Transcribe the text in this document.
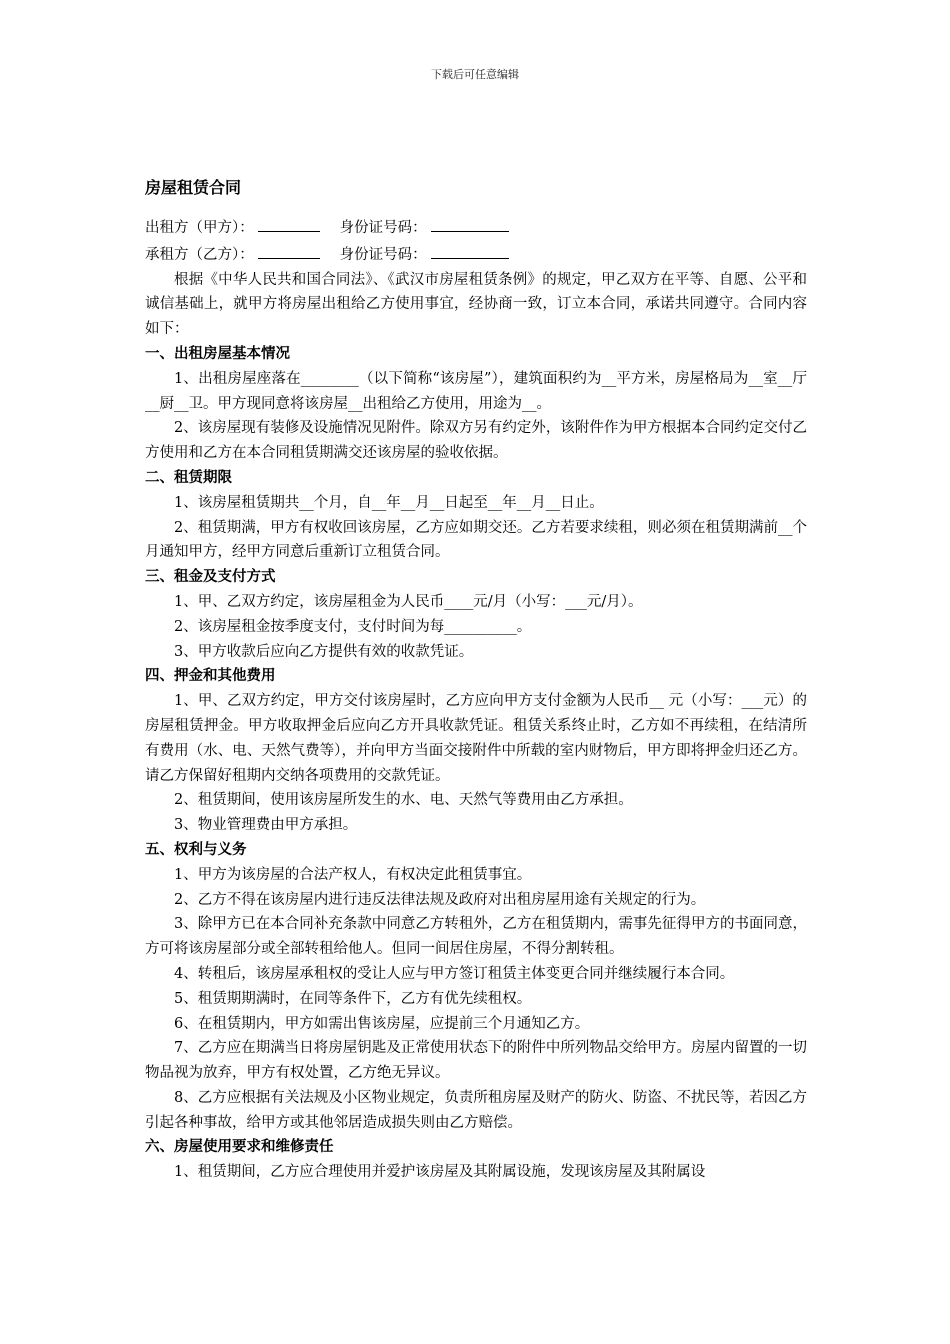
下载后可任意编辑
房屋租赁合同
出租方（甲方）：	身份证号码：
承租方（乙方）：	身份证号码：

根据《中华人民共和国合同法》、《武汉市房屋租赁条例》的规定，甲乙双方在平等、自愿、公平和诚信基础上，就甲方将房屋出租给乙方使用事宜，经协商一致，订立本合同，承诺共同遵守。合同内容如下：

一、出租房屋基本情况

1、出租房屋座落在________（以下简称“该房屋”），建筑面积约为__平方米，房屋格局为__室__厅__厨__卫。甲方现同意将该房屋__出租给乙方使用，用途为__。

2、该房屋现有装修及设施情况见附件。除双方另有约定外，该附件作为甲方根据本合同约定交付乙方使用和乙方在本合同租赁期满交还该房屋的验收依据。

二、租赁期限

1、该房屋租赁期共__个月，自__年__月__日起至__年__月__日止。

2、租赁期满，甲方有权收回该房屋，乙方应如期交还。乙方若要求续租，则必须在租赁期满前__个月通知甲方，经甲方同意后重新订立租赁合同。

三、租金及支付方式

1、甲、乙双方约定，该房屋租金为人民币____元/月（小写：___元/月）。

2、该房屋租金按季度支付，支付时间为每__________。

3、甲方收款后应向乙方提供有效的收款凭证。

四、押金和其他费用

1、甲、乙双方约定，甲方交付该房屋时，乙方应向甲方支付金额为人民币__ 元（小写：___元）的房屋租赁押金。甲方收取押金后应向乙方开具收款凭证。租赁关系终止时，乙方如不再续租，在结清所有费用（水、电、天然气费等），并向甲方当面交接附件中所载的室内财物后，甲方即将押金归还乙方。请乙方保留好租期内交纳各项费用的交款凭证。

2、租赁期间，使用该房屋所发生的水、电、天然气等费用由乙方承担。

3、物业管理费由甲方承担。

五、权利与义务

1、甲方为该房屋的合法产权人，有权决定此租赁事宜。

2、乙方不得在该房屋内进行违反法律法规及政府对出租房屋用途有关规定的行为。

3、除甲方已在本合同补充条款中同意乙方转租外，乙方在租赁期内，需事先征得甲方的书面同意，方可将该房屋部分或全部转租给他人。但同一间居住房屋，不得分割转租。

4、转租后，该房屋承租权的受让人应与甲方签订租赁主体变更合同并继续履行本合同。

5、租赁期期满时，在同等条件下，乙方有优先续租权。

6、在租赁期内，甲方如需出售该房屋，应提前三个月通知乙方。

7、乙方应在期满当日将房屋钥匙及正常使用状态下的附件中所列物品交给甲方。房屋内留置的一切物品视为放弃，甲方有权处置，乙方绝无异议。

8、乙方应根据有关法规及小区物业规定，负责所租房屋及财产的防火、防盗、不扰民等，若因乙方引起各种事故，给甲方或其他邻居造成损失则由乙方赔偿。

六、房屋使用要求和维修责任

1、租赁期间，乙方应合理使用并爱护该房屋及其附属设施，发现该房屋及其附属设
